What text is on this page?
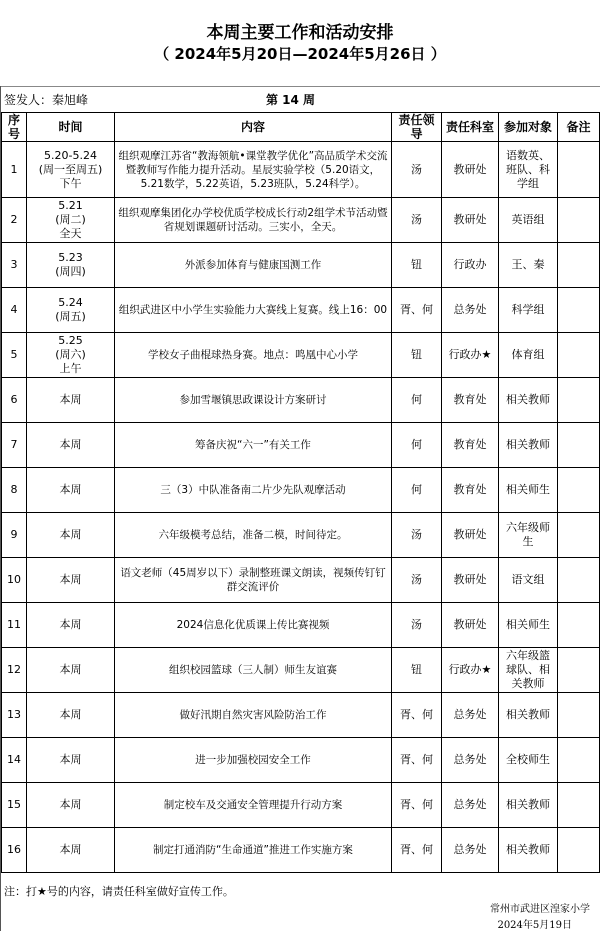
本周主要工作和活动安排
（ 2024年5月20日—2024年5月26日 ）
签发人：秦旭峰	第 14 周
序号	时间	内容	责任领导	责任科室	参加对象	备注
1	5.20-5.24
(周一至周五)
下午	组织观摩江苏省“教海领航•课堂教学优化”高品质学术交流暨教师写作能力提升活动。星辰实验学校（5.20语文，5.21数学，5.22英语，5.23班队，5.24科学）。	汤	教研处	语数英、班队、科学组	
2	5.21
(周二)
全天	组织观摩集团化办学校优质学校成长行动2组学术节活动暨省规划课题研讨活动。三实小，全天。	汤	教研处	英语组	
3	5.23
(周四)	外派参加体育与健康国测工作	钮	行政办	王、秦	
4	5.24
(周五)	组织武进区中小学生实验能力大赛线上复赛。线上16：00	胥、何	总务处	科学组	
5	5.25
(周六)
上午	学校女子曲棍球热身赛。地点：鸣凰中心小学	钮	行政办★	体育组	
6	本周	参加雪堰镇思政课设计方案研讨	何	教育处	相关教师	
7	本周	筹备庆祝“六一”有关工作	何	教育处	相关教师	
8	本周	三（3）中队准备南二片少先队观摩活动	何	教育处	相关师生	
9	本周	六年级模考总结，准备二模，时间待定。	汤	教研处	六年级师生	
10	本周	语文老师（45周岁以下）录制整班课文朗读，视频传钉钉群交流评价	汤	教研处	语文组	
11	本周	2024信息化优质课上传比赛视频	汤	教研处	相关师生	
12	本周	组织校园篮球（三人制）师生友谊赛	钮	行政办★	六年级篮球队、相关教师	
13	本周	做好汛期自然灾害风险防治工作	胥、何	总务处	相关教师	
14	本周	进一步加强校园安全工作	胥、何	总务处	全校师生	
15	本周	制定校车及交通安全管理提升行动方案	胥、何	总务处	相关教师	
16	本周	制定打通消防“生命通道”推进工作实施方案	胥、何	总务处	相关教师	
注：打★号的内容，请责任科室做好宣传工作。
常州市武进区湟家小学
2024年5月19日
